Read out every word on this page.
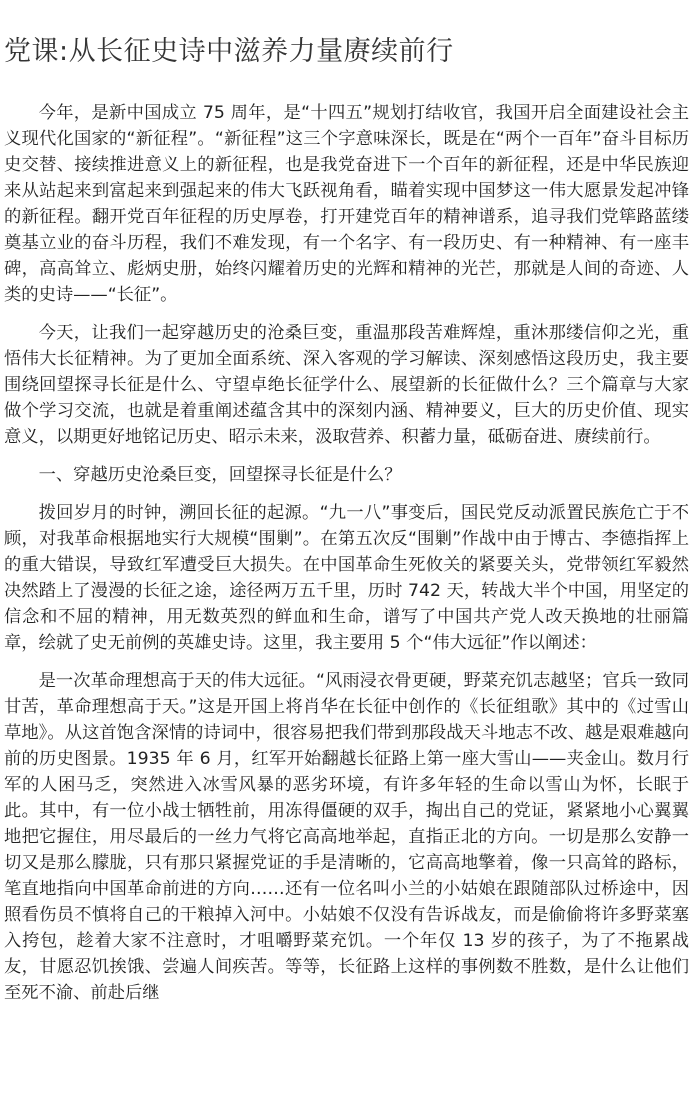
党课:从长征史诗中滋养力量赓续前行

今年，是新中国成立 75 周年，是“十四五”规划打结收官，我国开启全面建设社会主义现代化国家的“新征程”。“新征程”这三个字意味深长，既是在“两个一百年”奋斗目标历史交替、接续推进意义上的新征程，也是我党奋进下一个百年的新征程，还是中华民族迎来从站起来到富起来到强起来的伟大飞跃视角看，瞄着实现中国梦这一伟大愿景发起冲锋的新征程。翻开党百年征程的历史厚卷，打开建党百年的精神谱系，追寻我们党筚路蓝缕奠基立业的奋斗历程，我们不难发现，有一个名字、有一段历史、有一种精神、有一座丰碑，高高耸立、彪炳史册，始终闪耀着历史的光辉和精神的光芒，那就是人间的奇迹、人类的史诗——“长征”。

今天，让我们一起穿越历史的沧桑巨变，重温那段苦难辉煌，重沐那缕信仰之光，重悟伟大长征精神。为了更加全面系统、深入客观的学习解读、深刻感悟这段历史，我主要围绕回望探寻长征是什么、守望卓绝长征学什么、展望新的长征做什么？三个篇章与大家做个学习交流，也就是着重阐述蕴含其中的深刻内涵、精神要义，巨大的历史价值、现实意义，以期更好地铭记历史、昭示未来，汲取营养、积蓄力量，砥砺奋进、赓续前行。

一、穿越历史沧桑巨变，回望探寻长征是什么？

拨回岁月的时钟，溯回长征的起源。“九一八”事变后，国民党反动派置民族危亡于不顾，对我革命根据地实行大规模“围剿”。在第五次反“围剿”作战中由于博古、李德指挥上的重大错误，导致红军遭受巨大损失。在中国革命生死攸关的紧要关头，党带领红军毅然决然踏上了漫漫的长征之途，途径两万五千里，历时 742 天，转战大半个中国，用坚定的信念和不屈的精神，用无数英烈的鲜血和生命，谱写了中国共产党人改天换地的壮丽篇章，绘就了史无前例的英雄史诗。这里，我主要用 5 个“伟大远征”作以阐述：

是一次革命理想高于天的伟大远征。“风雨浸衣骨更硬，野菜充饥志越坚；官兵一致同甘苦，革命理想高于天。”这是开国上将肖华在长征中创作的《长征组歌》其中的《过雪山草地》。从这首饱含深情的诗词中，很容易把我们带到那段战天斗地志不改、越是艰难越向前的历史图景。1935 年 6 月，红军开始翻越长征路上第一座大雪山——夹金山。数月行军的人困马乏，突然进入冰雪风暴的恶劣环境，有许多年轻的生命以雪山为怀，长眠于此。其中，有一位小战士牺牲前，用冻得僵硬的双手，掏出自己的党证，紧紧地小心翼翼地把它握住，用尽最后的一丝力气将它高高地举起，直指正北的方向。一切是那么安静一切又是那么朦胧，只有那只紧握党证的手是清晰的，它高高地擎着，像一只高耸的路标，笔直地指向中国革命前进的方向……还有一位名叫小兰的小姑娘在跟随部队过桥途中，因照看伤员不慎将自己的干粮掉入河中。小姑娘不仅没有告诉战友，而是偷偷将许多野菜塞入挎包，趁着大家不注意时，才咀嚼野菜充饥。一个年仅 13 岁的孩子，为了不拖累战友，甘愿忍饥挨饿、尝遍人间疾苦。等等，长征路上这样的事例数不胜数，是什么让他们至死不渝、前赴后继
